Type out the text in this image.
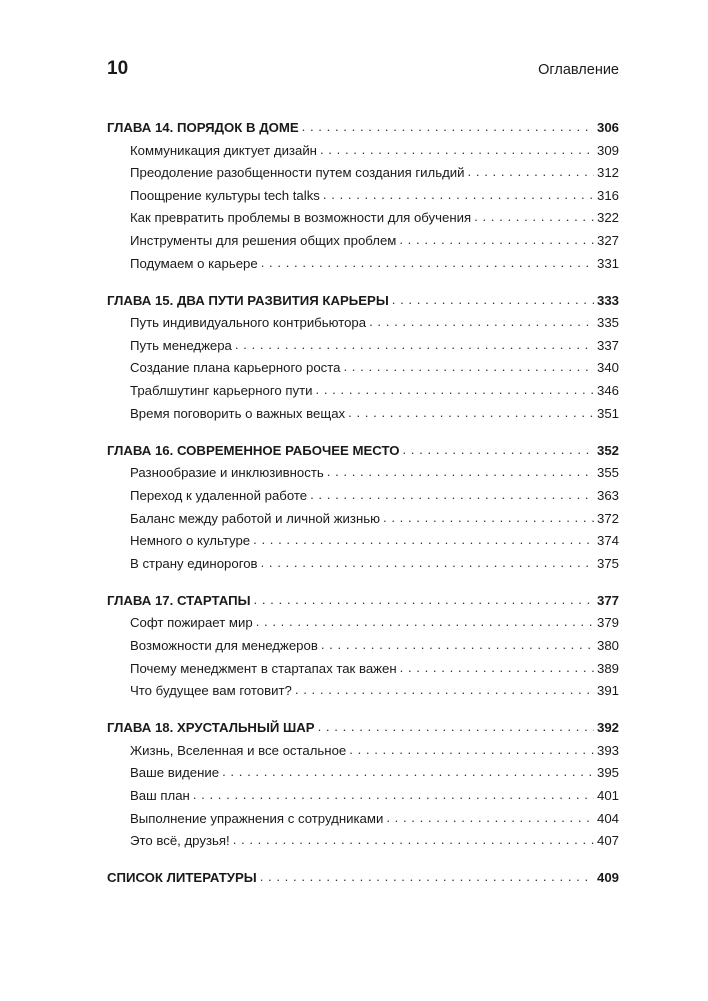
10	Оглавление
ГЛАВА 14. ПОРЯДОК В ДОМЕ . . .	306
Коммуникация диктует дизайн . . .	309
Преодоление разобщенности путем создания гильдий . . .	312
Поощрение культуры tech talks . . .	316
Как превратить проблемы в возможности для обучения . . .	322
Инструменты для решения общих проблем . . .	327
Подумаем о карьере . . .	331
ГЛАВА 15. ДВА ПУТИ РАЗВИТИЯ КАРЬЕРЫ . . .	333
Путь индивидуального контрибьютора . . .	335
Путь менеджера . . .	337
Создание плана карьерного роста . . .	340
Траблшутинг карьерного пути . . .	346
Время поговорить о важных вещах . . .	351
ГЛАВА 16. СОВРЕМЕННОЕ РАБОЧЕЕ МЕСТО . . .	352
Разнообразие и инклюзивность . . .	355
Переход к удаленной работе . . .	363
Баланс между работой и личной жизнью . . .	372
Немного о культуре . . .	374
В страну единорогов . . .	375
ГЛАВА 17. СТАРТАПЫ . . .	377
Софт пожирает мир . . .	379
Возможности для менеджеров . . .	380
Почему менеджмент в стартапах так важен . . .	389
Что будущее вам готовит? . . .	391
ГЛАВА 18. ХРУСТАЛЬНЫЙ ШАР . . .	392
Жизнь, Вселенная и все остальное . . .	393
Ваше видение . . .	395
Ваш план . . .	401
Выполнение упражнения с сотрудниками . . .	404
Это всё, друзья! . . .	407
СПИСОК ЛИТЕРАТУРЫ . . .	409
